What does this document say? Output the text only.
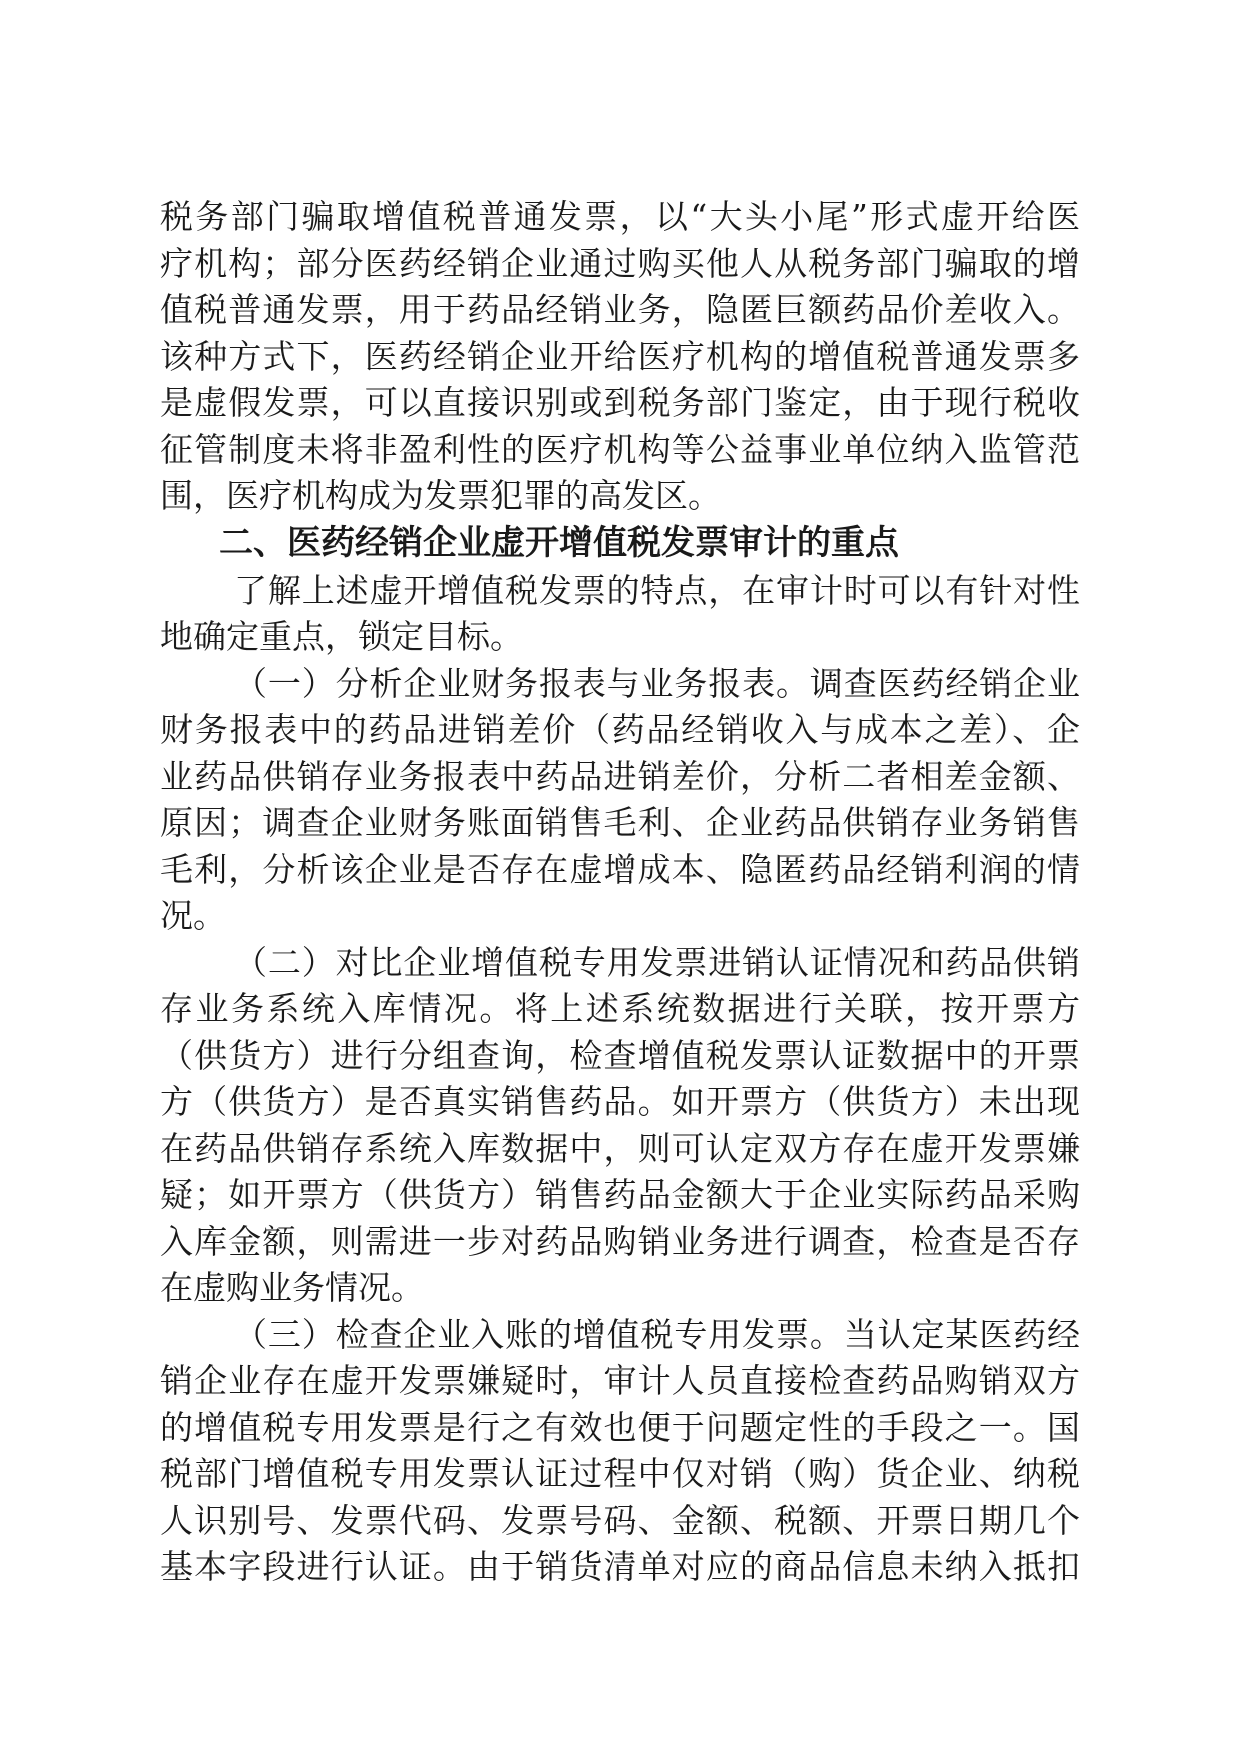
税务部门骗取增值税普通发票，以“大头小尾”形式虚开给医
疗机构；部分医药经销企业通过购买他人从税务部门骗取的增
值税普通发票，用于药品经销业务，隐匿巨额药品价差收入。
该种方式下，医药经销企业开给医疗机构的增值税普通发票多
是虚假发票，可以直接识别或到税务部门鉴定，由于现行税收
征管制度未将非盈利性的医疗机构等公益事业单位纳入监管范
围，医疗机构成为发票犯罪的高发区。
二、医药经销企业虚开增值税发票审计的重点
了解上述虚开增值税发票的特点，在审计时可以有针对性
地确定重点，锁定目标。
（一）分析企业财务报表与业务报表。调查医药经销企业
财务报表中的药品进销差价（药品经销收入与成本之差）、企
业药品供销存业务报表中药品进销差价，分析二者相差金额、
原因；调查企业财务账面销售毛利、企业药品供销存业务销售
毛利，分析该企业是否存在虚增成本、隐匿药品经销利润的情
况。
（二）对比企业增值税专用发票进销认证情况和药品供销
存业务系统入库情况。将上述系统数据进行关联，按开票方
（供货方）进行分组查询，检查增值税发票认证数据中的开票
方（供货方）是否真实销售药品。如开票方（供货方）未出现
在药品供销存系统入库数据中，则可认定双方存在虚开发票嫌
疑；如开票方（供货方）销售药品金额大于企业实际药品采购
入库金额，则需进一步对药品购销业务进行调查，检查是否存
在虚购业务情况。
（三）检查企业入账的增值税专用发票。当认定某医药经
销企业存在虚开发票嫌疑时，审计人员直接检查药品购销双方
的增值税专用发票是行之有效也便于问题定性的手段之一。国
税部门增值税专用发票认证过程中仅对销（购）货企业、纳税
人识别号、发票代码、发票号码、金额、税额、开票日期几个
基本字段进行认证。由于销货清单对应的商品信息未纳入抵扣
